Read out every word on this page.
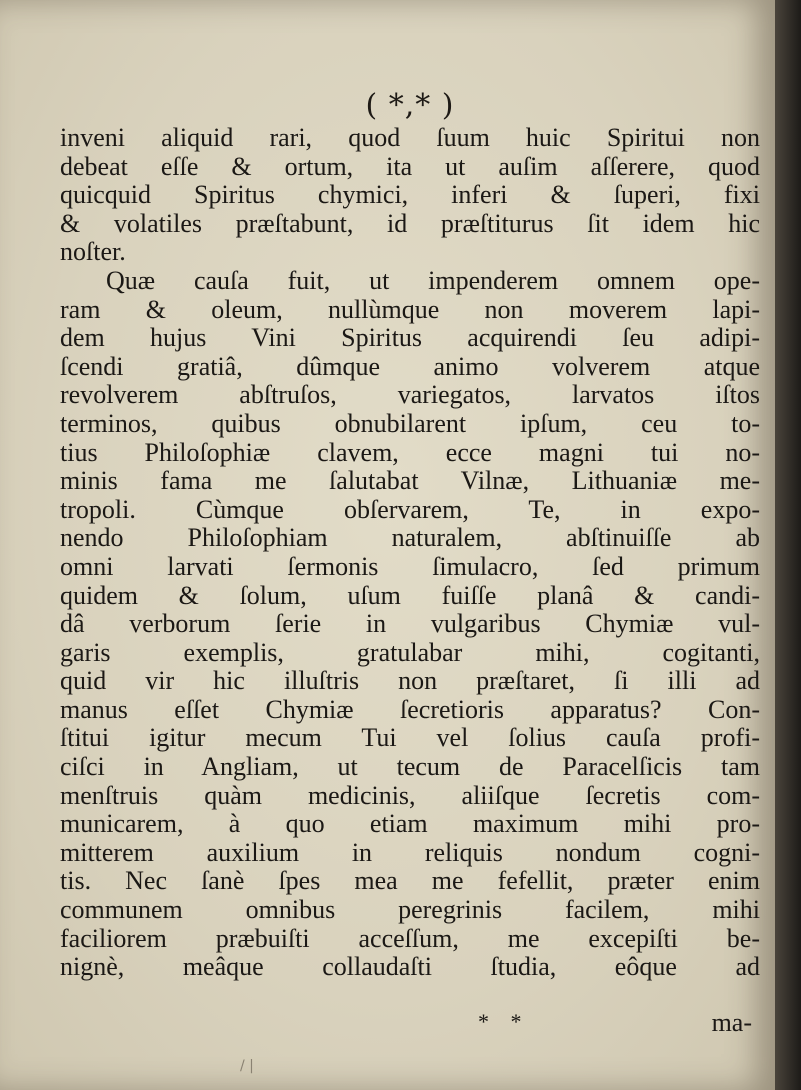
( *,* )
inveni aliquid rari, quod ſuum huic Spiritui non
debeat eſſe & ortum, ita ut auſim aſſerere, quod
quicquid Spiritus chymici, inferi & ſuperi, fixi
& volatiles præſtabunt, id præſtiturus ſit idem hic
noſter.
Quæ cauſa fuit, ut impenderem omnem ope-
ram & oleum, nullùmque non moverem lapi-
dem hujus Vini Spiritus acquirendi ſeu adipi-
ſcendi gratiâ, dûmque animo volverem atque
revolverem abſtruſos, variegatos, larvatos iſtos
terminos, quibus obnubilarent ipſum, ceu to-
tius Philoſophiæ clavem, ecce magni tui no-
minis fama me ſalutabat Vilnæ, Lithuaniæ me-
tropoli. Cùmque obſervarem, Te, in expo-
nendo Philoſophiam naturalem, abſtinuiſſe ab
omni larvati ſermonis ſimulacro, ſed primum
quidem & ſolum, uſum fuiſſe planâ & candi-
dâ verborum ſerie in vulgaribus Chymiæ vul-
garis exemplis, gratulabar mihi, cogitanti,
quid vir hic illuſtris non præſtaret, ſi illi ad
manus eſſet Chymiæ ſecretioris apparatus? Con-
ſtitui igitur mecum Tui vel ſolius cauſa profi-
ciſci in Angliam, ut tecum de Paracelſicis tam
menſtruis quàm medicinis, aliiſque ſecretis com-
municarem, à quo etiam maximum mihi pro-
mitterem auxilium in reliquis nondum cogni-
tis. Nec ſanè ſpes mea me fefellit, præter enim
communem omnibus peregrinis facilem, mihi
faciliorem præbuiſti acceſſum, me excepiſti be-
nignè, meâque collaudaſti ſtudia, eôque ad
* *	ma-
/ |
